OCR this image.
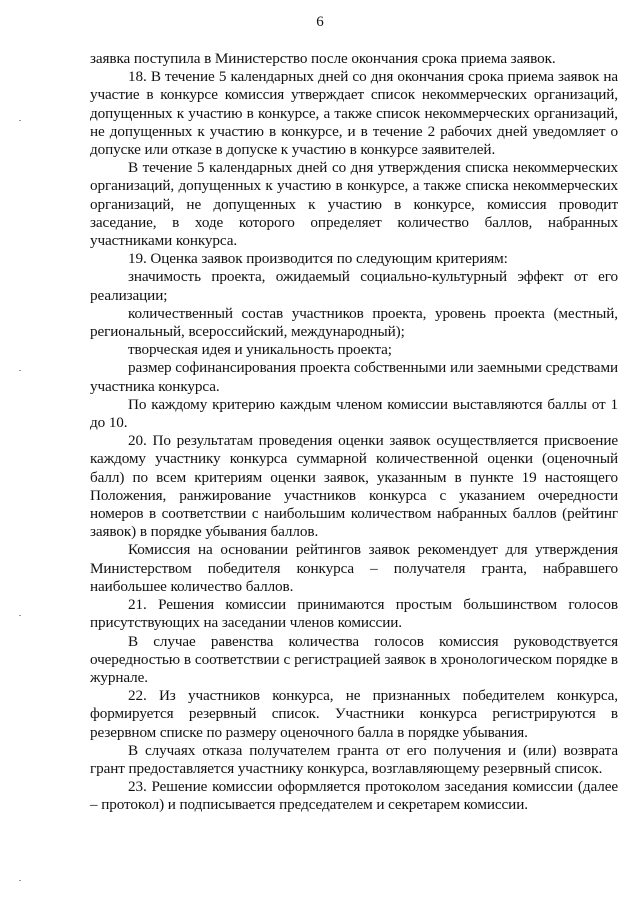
6

заявка поступила в Министерство после окончания срока приема заявок.

18. В течение 5 календарных дней со дня окончания срока приема заявок на участие в конкурсе комиссия утверждает список некоммерческих организаций, допущенных к участию в конкурсе, а также список некоммерческих организаций, не допущенных к участию в конкурсе, и в течение 2 рабочих дней уведомляет о допуске или отказе в допуске к участию в конкурсе заявителей.

В течение 5 календарных дней со дня утверждения списка некоммерческих организаций, допущенных к участию в конкурсе, а также списка некоммерческих организаций, не допущенных к участию в конкурсе, комиссия проводит заседание, в ходе которого определяет количество баллов, набранных участниками конкурса.

19. Оценка заявок производится по следующим критериям:

значимость проекта, ожидаемый социально-культурный эффект от его реализации;

количественный состав участников проекта, уровень проекта (местный, региональный, всероссийский, международный);

творческая идея и уникальность проекта;

размер софинансирования проекта собственными или заемными средствами участника конкурса.

По каждому критерию каждым членом комиссии выставляются баллы от 1 до 10.

20. По результатам проведения оценки заявок осуществляется присвоение каждому участнику конкурса суммарной количественной оценки (оценочный балл) по всем критериям оценки заявок, указанным в пункте 19 настоящего Положения, ранжирование участников конкурса с указанием очередности номеров в соответствии с наибольшим количеством набранных баллов (рейтинг заявок) в порядке убывания баллов.

Комиссия на основании рейтингов заявок рекомендует для утверждения Министерством победителя конкурса – получателя гранта, набравшего наибольшее количество баллов.

21. Решения комиссии принимаются простым большинством голосов присутствующих на заседании членов комиссии.

В случае равенства количества голосов комиссия руководствуется очередностью в соответствии с регистрацией заявок в хронологическом порядке в журнале.

22. Из участников конкурса, не признанных победителем конкурса, формируется резервный список. Участники конкурса регистрируются в резервном списке по размеру оценочного балла в порядке убывания.

В случаях отказа получателем гранта от его получения и (или) возврата грант предоставляется участнику конкурса, возглавляющему резервный список.

23. Решение комиссии оформляется протоколом заседания комиссии (далее – протокол) и подписывается председателем и секретарем комиссии.
